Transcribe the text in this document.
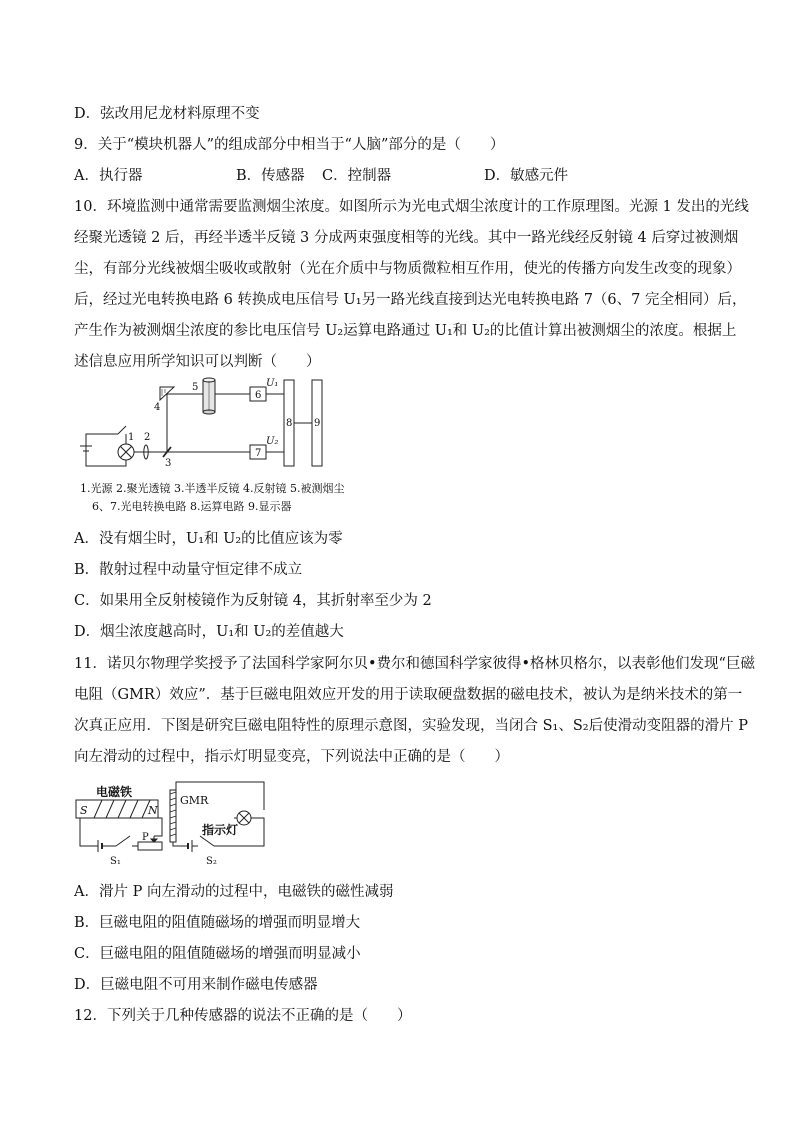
D．弦改用尼龙材料原理不变
9．关于“模块机器人”的组成部分中相当于“人脑”部分的是（　　）
A．执行器	B．传感器 C．控制器	D．敏感元件
10．环境监测中通常需要监测烟尘浓度。如图所示为光电式烟尘浓度计的工作原理图。光源 1 发出的光线
经聚光透镜 2 后，再经半透半反镜 3 分成两束强度相等的光线。其中一路光线经反射镜 4 后穿过被测烟
尘，有部分光线被烟尘吸收或散射（光在介质中与物质微粒相互作用，使光的传播方向发生改变的现象）
后，经过光电转换电路 6 转换成电压信号 U₁另一路光线直接到达光电转换电路 7（6、7 完全相同）后，
产生作为被测烟尘浓度的参比电压信号 U₂运算电路通过 U₁和 U₂的比值计算出被测烟尘的浓度。根据上
述信息应用所学知识可以判断（　　）
1 2
3
4
5
6
7
8 9
U₁
U₂
1.光源 2.聚光透镜 3.半透半反镜 4.反射镜 5.被测烟尘
6、7.光电转换电路 8.运算电路 9.显示器
A．没有烟尘时，U₁和 U₂的比值应该为零
B．散射过程中动量守恒定律不成立
C．如果用全反射棱镜作为反射镜 4，其折射率至少为 2
D．烟尘浓度越高时，U₁和 U₂的差值越大
11．诺贝尔物理学奖授予了法国科学家阿尔贝•费尔和德国科学家彼得•格林贝格尔，以表彰他们发现“巨磁
电阻（GMR）效应”．基于巨磁电阻效应开发的用于读取硬盘数据的磁电技术，被认为是纳米技术的第一
次真正应用．下图是研究巨磁电阻特性的原理示意图，实验发现，当闭合 S₁、S₂后使滑动变阻器的滑片 P
向左滑动的过程中，指示灯明显变亮，下列说法中正确的是（　　）
电磁铁
S	N
GMR
指示灯
P
S₁	S₂
A．滑片 P 向左滑动的过程中，电磁铁的磁性减弱
B．巨磁电阻的阻值随磁场的增强而明显增大
C．巨磁电阻的阻值随磁场的增强而明显减小
D．巨磁电阻不可用来制作磁电传感器
12．下列关于几种传感器的说法不正确的是（　　）
